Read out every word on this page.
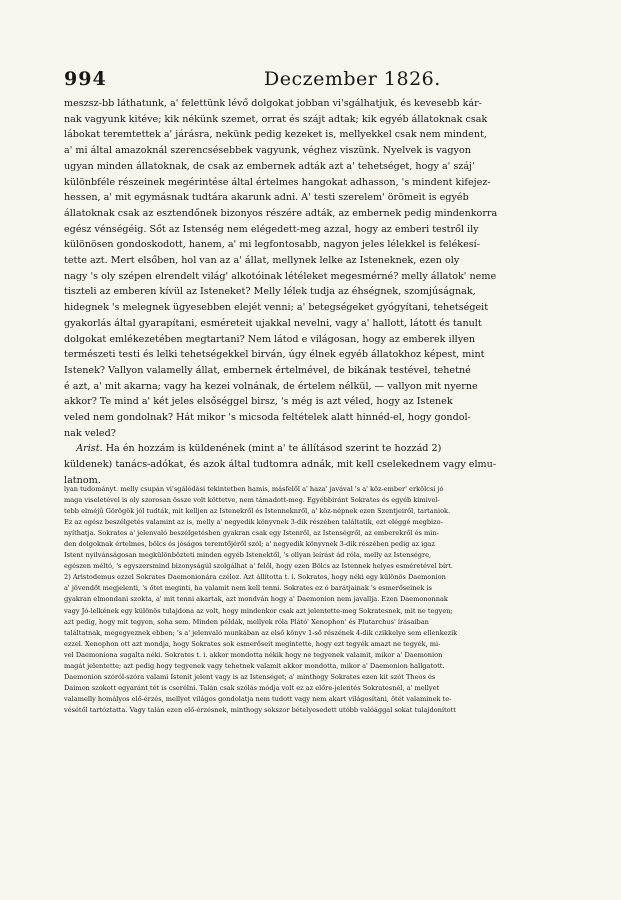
994	Deczember 1826.

meszsz-bb láthatunk, a' felettünk lévő dolgokat jobban vi'sgálhatjuk, és kevesebb kár-
nak vagyunk kitéve; kik nékünk szemet, orrat és szájt adtak; kik egyéb állatoknak csak
lábokat teremtettek a' járásra, nekünk pedig kezeket is, mellyekkel csak nem mindent,
a' mi által amazoknál szerencsésebbek vagyunk, véghez viszünk. Nyelvek is vagyon
ugyan minden állatoknak, de csak az embernek adták azt a' tehetséget, hogy a' száj'
különbféle részeinek megérintése által értelmes hangokat adhasson, 's mindent kifejez-
hessen, a' mit egymásnak tudtára akarunk adni. A' testi szerelem' örömeit is egyéb
állatoknak csak az esztendőnek bizonyos részére adták, az embernek pedig mindenkorra
egész vénségéig. Sőt az Istenség nem elégedett-meg azzal, hogy az emberi testről ily
különösen gondoskodott, hanem, a' mi legfontosabb, nagyon jeles lélekkel is felékesí-
tette azt. Mert elsőben, hol van az a' állat, mellynek lelke az Isteneknek, ezen oly
nagy 's oly szépen elrendelt világ' alkotóinak létéleket megesmérné? melly állatok' neme
tiszteli az emberen kívül az Isteneket? Melly lélek tudja az éhségnek, szomjúságnak,
hidegnek 's melegnek ügyesebben elejét venni; a' betegségeket gyógyítani, tehetségeit
gyakorlás által gyarapítani, esméreteit ujakkal nevelni, vagy a' hallott, látott és tanult
dolgokat emlékezetében megtartani? Nem látod e világosan, hogy az emberek illyen
természeti testi és lelki tehetségekkel birván, úgy élnek egyéb állatokhoz képest, mint
Istenek? Vallyon valamelly állat, embernek értelmével, de bikának testével, tehetné
é azt, a' mit akarna; vagy ha kezei volnának, de értelem nélkül, — vallyon mit nyerne
akkor? Te mind a' két jeles elsőséggel birsz, 's még is azt véled, hogy az Istenek
veled nem gondolnak? Hát mikor 's micsoda feltételek alatt hinnéd-el, hogy gondol-
nak veled?

Arist. Ha én hozzám is küldenének (mint a' te állításod szerint te hozzád 2)
küldenek) tanács-adókat, és azok által tudtomra adnák, mit kell cselekednem vagy elmu-
latnom.

lyan tudományt. melly csupán vi'sgálódási tekintetben hamis, másfelől a' haza' javával 's a' köz-ember' erkölcsi jó
maga viseletével is oly szorosan össze volt köttetve, nem támadott-meg. Egyébbiránt Sokrates és egyéb kimivel-
tebb elméjű Görögök jól tudták, mit kelljen az Istenekről és Istenneknről, a' köz-népnek ezen Szentjeiről, tartaniok.
Ez az egész beszélgetés valamint az is, melly a' negyedik könyvnek 3-dik részében találtatik, ezt eléggé megbizo-
nyíthatja. Sokrates a' jelenvaló beszélgetésben gyakran csak egy Istenről, az Istenségről, az emberekről és min-
den dolgoknak értelmes, bölcs és jóságos teremtőjéről szól; a' negyedik könyvnek 3-dik részében pedig az igaz
Istent nyilvánságosan megkülönbözteti minden egyéb Istenektől, 's ollyan leírást ád róla, melly az Istenségre,
egészen méltó, 's egyszersmind bizonyságúl szolgálhat a' felől, hogy ezen Bölcs az Istennek helyes esméretével bírt.
2) Aristodemus ezzel Sokrates Daemonionára czéloz. Azt állította t. i. Sokrates, hogy néki egy különös Daemonion
a' jövendőt megjelenti, 's őtet meginti, ha valamit nem kell tenni. Sokrates ez ó barátjainak 's esmerőseinek is
gyakran elmondani szokta, a' mit tenni akartak, azt mondván hogy a' Daemonion nem javallja. Ezen Daemononnak
vagy Jó-lelkének egy különös tulajdona az volt, hogy mindenkor csak azt jelentette-meg Sokratesnek, mit ne tegyen;
azt pedig, hogy mit tegyen, soha sem. Minden példák, mellyek róla Plátó' Xenophon' és Plutarchus' írásaiban
találtatnak, megegyeznek ebben; 's a' jelenvaló munkában az első könyv 1-ső részének 4-dik czikkelye sem ellenkezik
ezzel. Xenophon ott azt mondja, hogy Sokrates sok esmerőseit megintette, hogy ezt tegyék amazt ne tegyék, mi-
vel Daemoniona sugalta néki. Sokrates t. i. akkor mondotta nékik hogy ne tegyenek valamit, mikor a' Daemonion
magát jelentette; azt pedig hogy tegyenek vagy tehetnek valamit akkor mondotta, mikor a' Daemonion hallgatott.
Daemonion szóról-szóra valami Istenit jelent vagy is az Istenséget; a' minthogy Sokrates ezen kit szót Theos és
Daimon szokott egyaránt tét is cserélni. Talán csak szólás módja volt ez az előre-jelentés Sokratesnél, a' mellyet
valamelly homályos elő-érzés, mellyet világos gondolatja nem tudott vagy nem akart világosítani, ötét valaminek te-
vésétől tartóztatta. Vagy talán ezen elő-érzésnek, minthogy sokszor bételyesedett utóbb valóággal sokat tulajdonított
